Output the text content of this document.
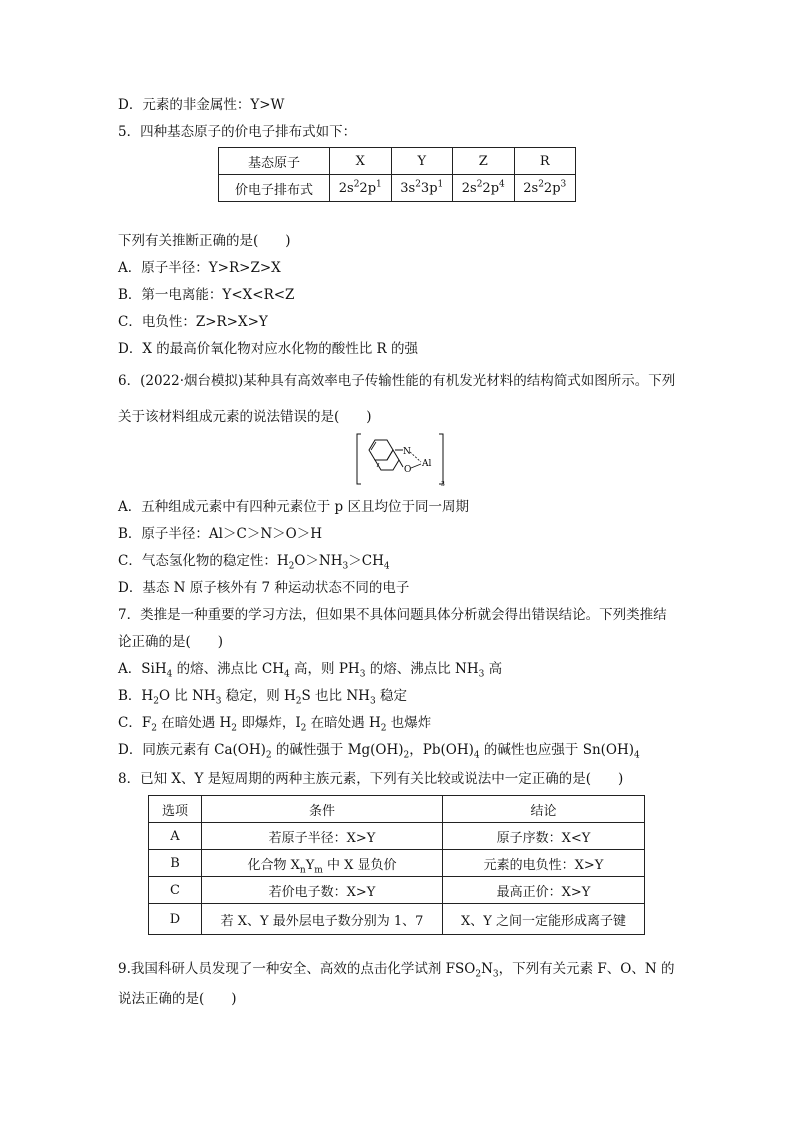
D．元素的非金属性：Y>W
5．四种基态原子的价电子排布式如下：
基态原子	X	Y	Z	R
价电子排布式	$2s^22p^1$	$3s^23p^1$	$2s^22p^4$	$2s^22p^3$
下列有关推断正确的是(　　)
A．原子半径：Y>R>Z>X
B．第一电离能：Y<X<R<Z
C．电负性：Z>R>X>Y
D．X 的最高价氧化物对应水化物的酸性比 R 的强
6．(2022·烟台模拟)某种具有高效率电子传输性能的有机发光材料的结构简式如图所示。下列
关于该材料组成元素的说法错误的是(　　)
N
O
Al
3
A．五种组成元素中有四种元素位于 p 区且均位于同一周期
B．原子半径：Al＞C＞N＞O＞H
C．气态氢化物的稳定性：$H_2O>NH_3>CH_4$
D．基态 N 原子核外有 7 种运动状态不同的电子
7．类推是一种重要的学习方法，但如果不具体问题具体分析就会得出错误结论。下列类推结
论正确的是(　　)
A．SiH$_4$ 的熔、沸点比 $CH_4$ 高，则 $PH_3$ 的熔、沸点比 $NH_3$ 高
B．$H_2O$ 比 $NH_3$ 稳定，则 $H_2S$ 也比 $NH_3$ 稳定
C．$F_2$ 在暗处遇 $H_2$ 即爆炸，$I_2$ 在暗处遇 $H_2$ 也爆炸
D．同族元素有 $Ca(OH)_2$ 的碱性强于 $Mg(OH)_2$，$Pb(OH)_4$ 的碱性也应强于 $Sn(OH)_4$
8．已知 X、Y 是短周期的两种主族元素，下列有关比较或说法中一定正确的是(　　)
选项	条件	结论
A	若原子半径：X>Y	原子序数：X<Y
B	化合物 $X_nY_m$ 中 X 显负价	元素的电负性：X>Y
C	若价电子数：X>Y	最高正价：X>Y
D	若 X、Y 最外层电子数分别为 1、7	X、Y 之间一定能形成离子键
9.我国科研人员发现了一种安全、高效的点击化学试剂 $FSO_2N_3$，下列有关元素 F、O、N 的
说法正确的是(　　)
